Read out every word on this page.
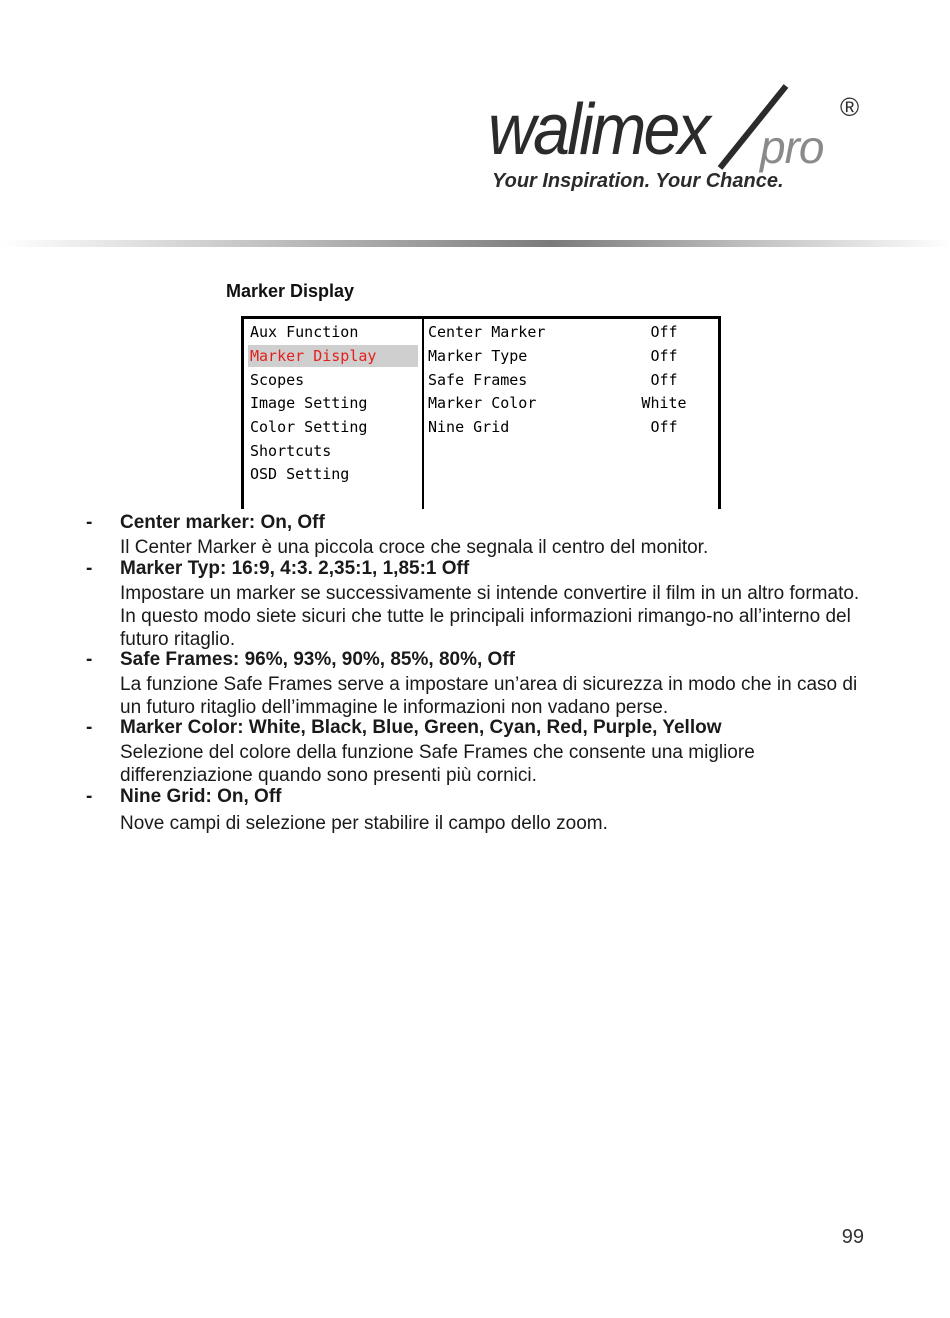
walimex pro
®
Your Inspiration. Your Chance.
Marker Display
Aux Function
Marker Display
Scopes
Image Setting
Color Setting
Shortcuts
OSD Setting
Center Marker	Off
Marker Type	Off
Safe Frames	Off
Marker Color	White
Nine Grid	Off
- Center marker: On, Off
Il Center Marker è una piccola croce che segnala il centro del monitor.
- Marker Typ: 16:9, 4:3. 2,35:1, 1,85:1 Off
Impostare un marker se successivamente si intende convertire il film in un altro formato. In questo modo siete sicuri che tutte le principali informazioni rimango-no all’interno del futuro ritaglio.
- Safe Frames: 96%, 93%, 90%, 85%, 80%, Off
La funzione Safe Frames serve a impostare un’area di sicurezza in modo che in caso di un futuro ritaglio dell’immagine le informazioni non vadano perse.
- Marker Color: White, Black, Blue, Green, Cyan, Red, Purple, Yellow
Selezione del colore della funzione Safe Frames che consente una migliore differenziazione quando sono presenti più cornici.
- Nine Grid: On, Off
Nove campi di selezione per stabilire il campo dello zoom.
99
